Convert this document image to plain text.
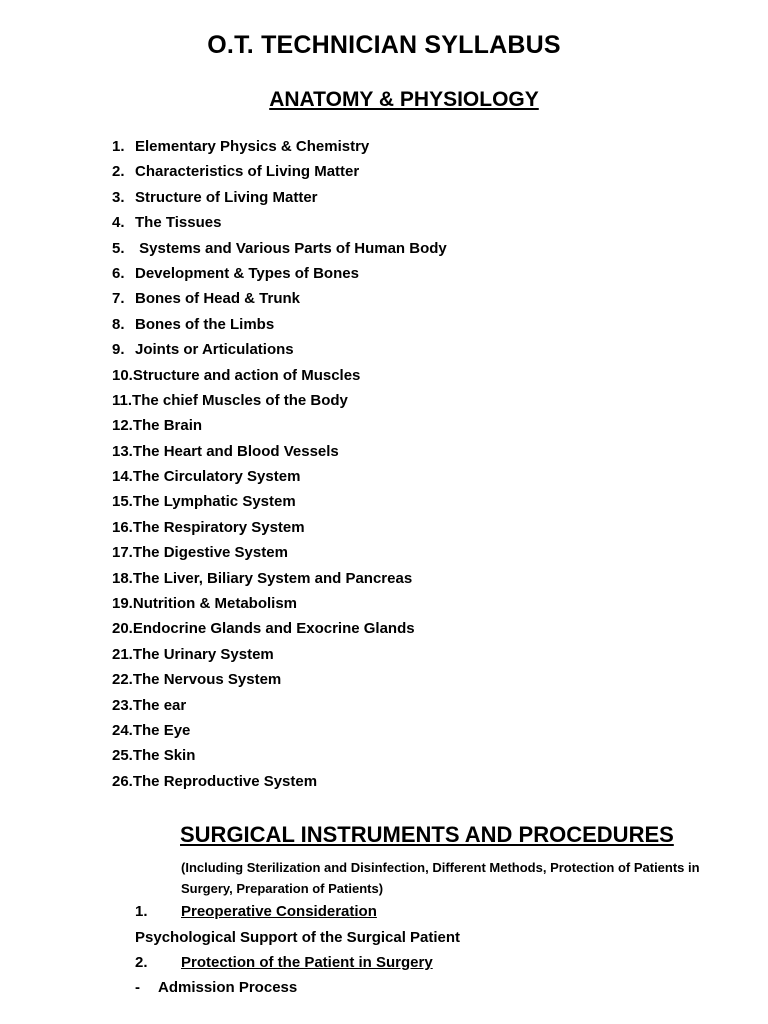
O.T. TECHNICIAN SYLLABUS
ANATOMY & PHYSIOLOGY
1. Elementary Physics & Chemistry
2. Characteristics of Living Matter
3. Structure of Living Matter
4. The Tissues
5. Systems and Various Parts of Human Body
6. Development & Types of Bones
7. Bones of Head & Trunk
8. Bones of the Limbs
9. Joints or Articulations
10.Structure and action of Muscles
11.The chief Muscles of the Body
12.The Brain
13.The Heart and Blood Vessels
14.The Circulatory System
15.The Lymphatic System
16.The Respiratory System
17.The Digestive System
18.The Liver, Biliary System and Pancreas
19.Nutrition & Metabolism
20.Endocrine Glands and Exocrine Glands
21.The Urinary System
22.The Nervous System
23.The ear
24.The Eye
25.The Skin
26.The Reproductive System
SURGICAL INSTRUMENTS AND PROCEDURES
(Including Sterilization and Disinfection, Different Methods, Protection of Patients in Surgery, Preparation of Patients)
1. Preoperative Consideration
Psychological Support of the Surgical Patient
2. Protection of the Patient in Surgery
- Admission Process
